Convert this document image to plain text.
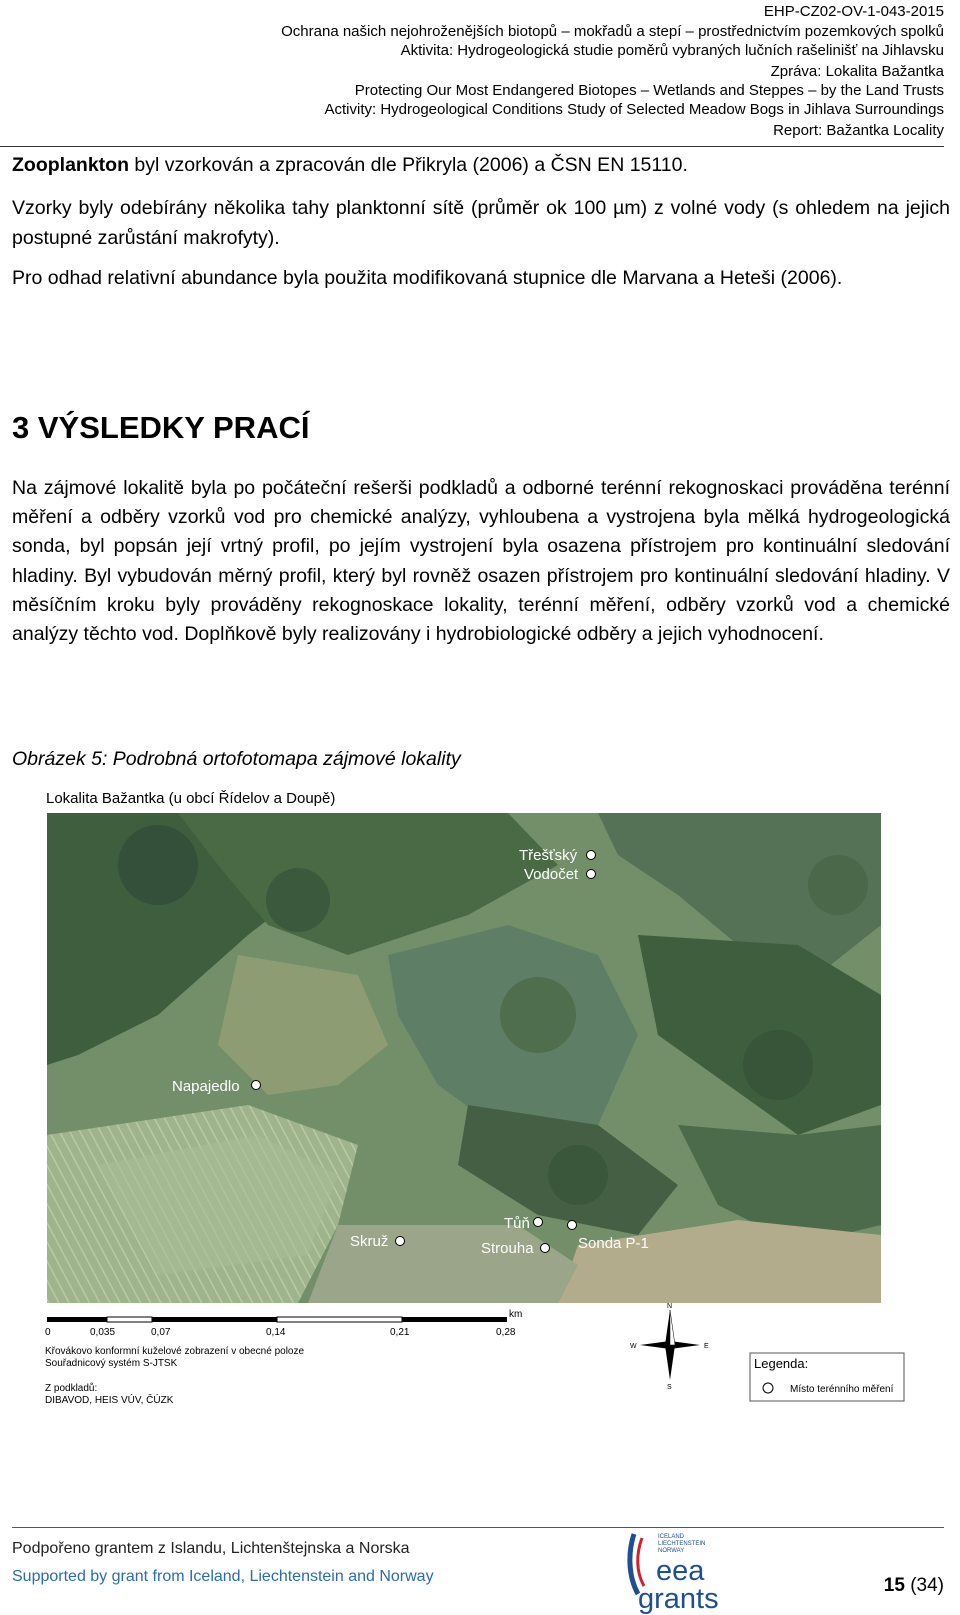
EHP-CZ02-OV-1-043-2015
Ochrana našich nejohroženějších biotopů – mokřadů a stepí – prostřednictvím pozemkových spolků
Aktivita: Hydrogeologická studie poměrů vybraných lučních rašelinišť na Jihlavsku
Zpráva: Lokalita Bažantka
Protecting Our Most Endangered Biotopes – Wetlands and Steppes – by the Land Trusts
Activity: Hydrogeological Conditions Study of Selected Meadow Bogs in Jihlava Surroundings
Report: Bažantka Locality
Zooplankton byl vzorkován a zpracován dle Přikryla (2006) a ČSN EN 15110.
Vzorky byly odebírány několika tahy planktonní sítě (průměr ok 100 µm) z volné vody (s ohledem na jejich postupné zarůstání makrofyty).
Pro odhad relativní abundance byla použita modifikovaná stupnice dle Marvana a Heteši (2006).
3 VÝSLEDKY PRACÍ
Na zájmové lokalitě byla po počáteční rešerši podkladů a odborné terénní rekognoskaci prováděna terénní měření a odběry vzorků vod pro chemické analýzy, vyhloubena a vystrojena byla mělká hydrogeologická sonda, byl popsán její vrtný profil, po jejím vystrojení byla osazena přístrojem pro kontinuální sledování hladiny. Byl vybudován měrný profil, který byl rovněž osazen přístrojem pro kontinuální sledování hladiny. V měsíčním kroku byly prováděny rekognoskace lokality, terénní měření, odběry vzorků vod a chemické analýzy těchto vod. Doplňkově byly realizovány i hydrobiologické odběry a jejich vyhodnocení.
Obrázek 5: Podrobná ortofotomapa zájmové lokality
Lokalita Bažantka (u obcí Řídelov a Doupě)
Třešťský
Vodočet
Napajedlo
Tůň
Strouha	Sonda P-1
Skruž
km
0	0,035	0,07	0,14	0,21	0,28
Křovákovo konformní kuželové zobrazení v obecné poloze
Souřadnicový systém S-JTSK
Z podkladů:
DIBAVOD, HEIS VÚV, ČÚZK
N
S
W	E
Legenda:
Místo terénního měření
Podpořeno grantem z Islandu, Lichtenštejnska a Norska
Supported by grant from Iceland, Liechtenstein and Norway
ICELAND
LIECHTENSTEIN
NORWAY
eea
grants	15 (34)
